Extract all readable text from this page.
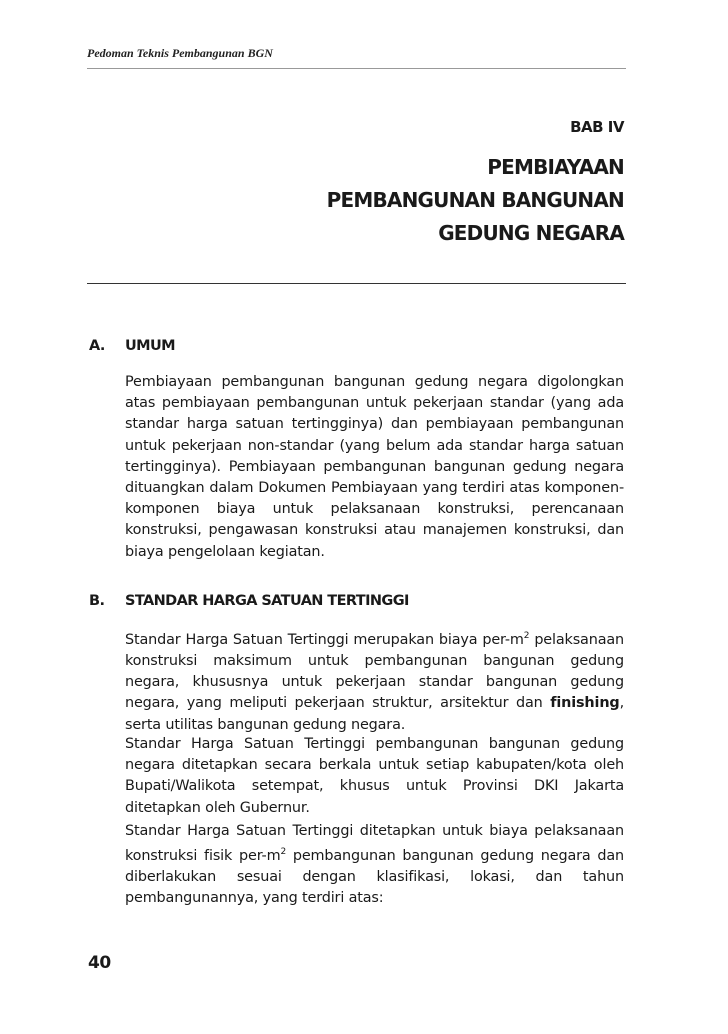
Pedoman Teknis Pembangunan BGN
BAB IV
PEMBIAYAAN
PEMBANGUNAN BANGUNAN
GEDUNG NEGARA
A.	UMUM
Pembiayaan pembangunan bangunan gedung negara digolongkan atas pembiayaan pembangunan untuk pekerjaan standar (yang ada standar harga satuan tertingginya) dan pembiayaan pembangunan untuk pekerjaan non-standar (yang belum ada standar harga satuan tertingginya). Pembiayaan pembangunan bangunan gedung negara dituangkan dalam Dokumen Pembiayaan yang terdiri atas komponen-komponen biaya untuk pelaksanaan konstruksi, perencanaan konstruksi, pengawasan konstruksi atau manajemen konstruksi, dan biaya pengelolaan kegiatan.
B.	STANDAR HARGA SATUAN TERTINGGI
Standar Harga Satuan Tertinggi merupakan biaya per-$m^2$ pelaksanaan konstruksi maksimum untuk pembangunan bangunan gedung negara, khususnya untuk pekerjaan standar bangunan gedung negara, yang meliputi pekerjaan struktur, arsitektur dan finishing, serta utilitas bangunan gedung negara.
Standar Harga Satuan Tertinggi pembangunan bangunan gedung negara ditetapkan secara berkala untuk setiap kabupaten/kota oleh Bupati/Walikota setempat, khusus untuk Provinsi DKI Jakarta ditetapkan oleh Gubernur.
Standar Harga Satuan Tertinggi ditetapkan untuk biaya pelaksanaan konstruksi fisik per-$m^2$ pembangunan bangunan gedung negara dan diberlakukan sesuai dengan klasifikasi, lokasi, dan tahun pembangunannya, yang terdiri atas:
40
